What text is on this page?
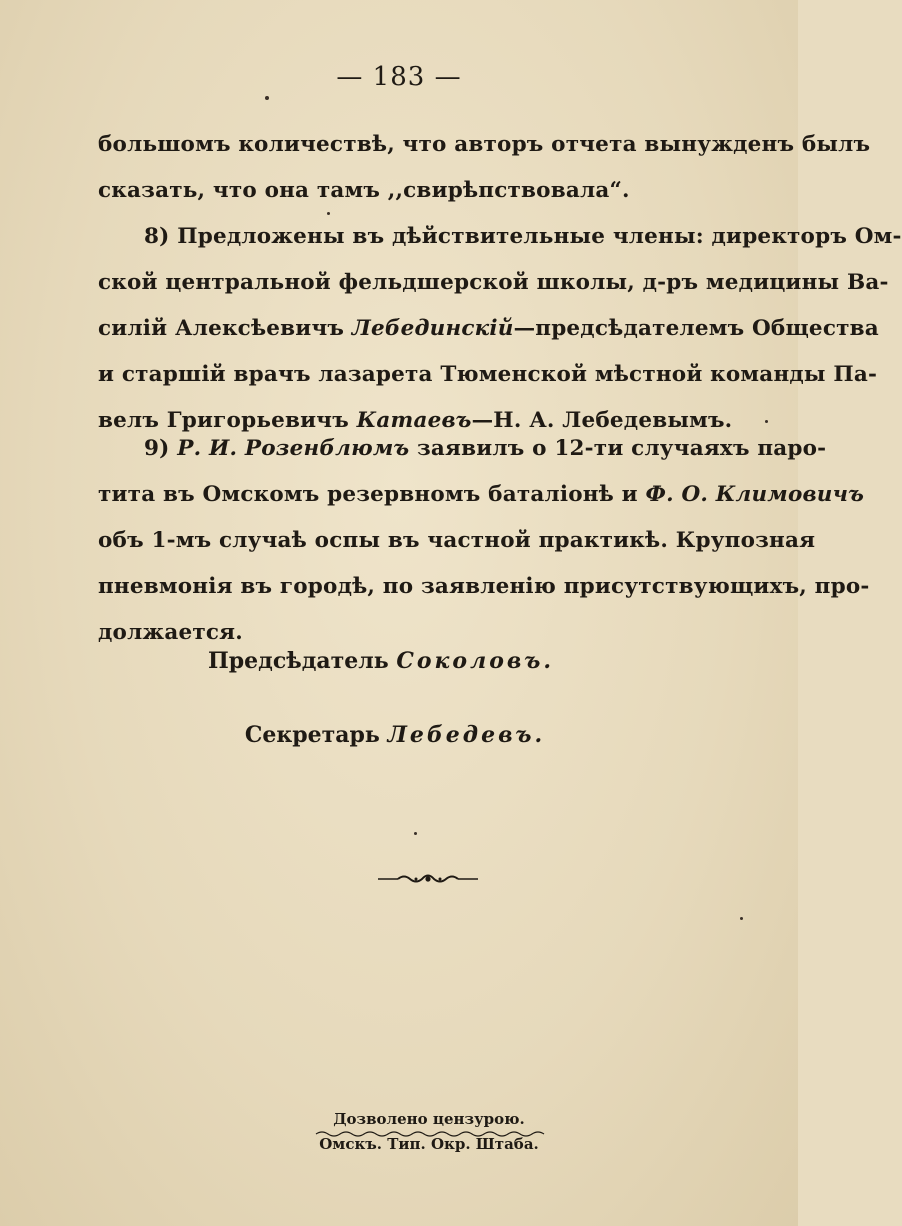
— 183 —
большомъ количествѣ, что авторъ отчета вынужденъ былъ
сказать, что она тамъ ,,свирѣпствовала“.
8) Предложены въ дѣйствительные члены: директоръ Ом-
ской центральной фельдшерской школы, д-ръ медицины Ва-
силій Алексѣевичъ Лебединскій—предсѣдателемъ Общества
и старшій врачъ лазарета Тюменской мѣстной команды Па-
велъ Григорьевичъ Катаевъ—Н. А. Лебедевымъ.
9) Р. И. Розенблюмъ заявилъ о 12-ти случаяхъ паро-
тита въ Омскомъ резервномъ баталіонѣ и Ф. О. Климовичъ
объ 1-мъ случаѣ оспы въ частной практикѣ. Крупозная
пневмонія въ городѣ, по заявленію присутствующихъ, про-
должается.
Предсѣдатель Соколовъ.
Секретарь Лебедевъ.
Дозволено цензурою.
Омскъ. Тип. Окр. Штаба.
